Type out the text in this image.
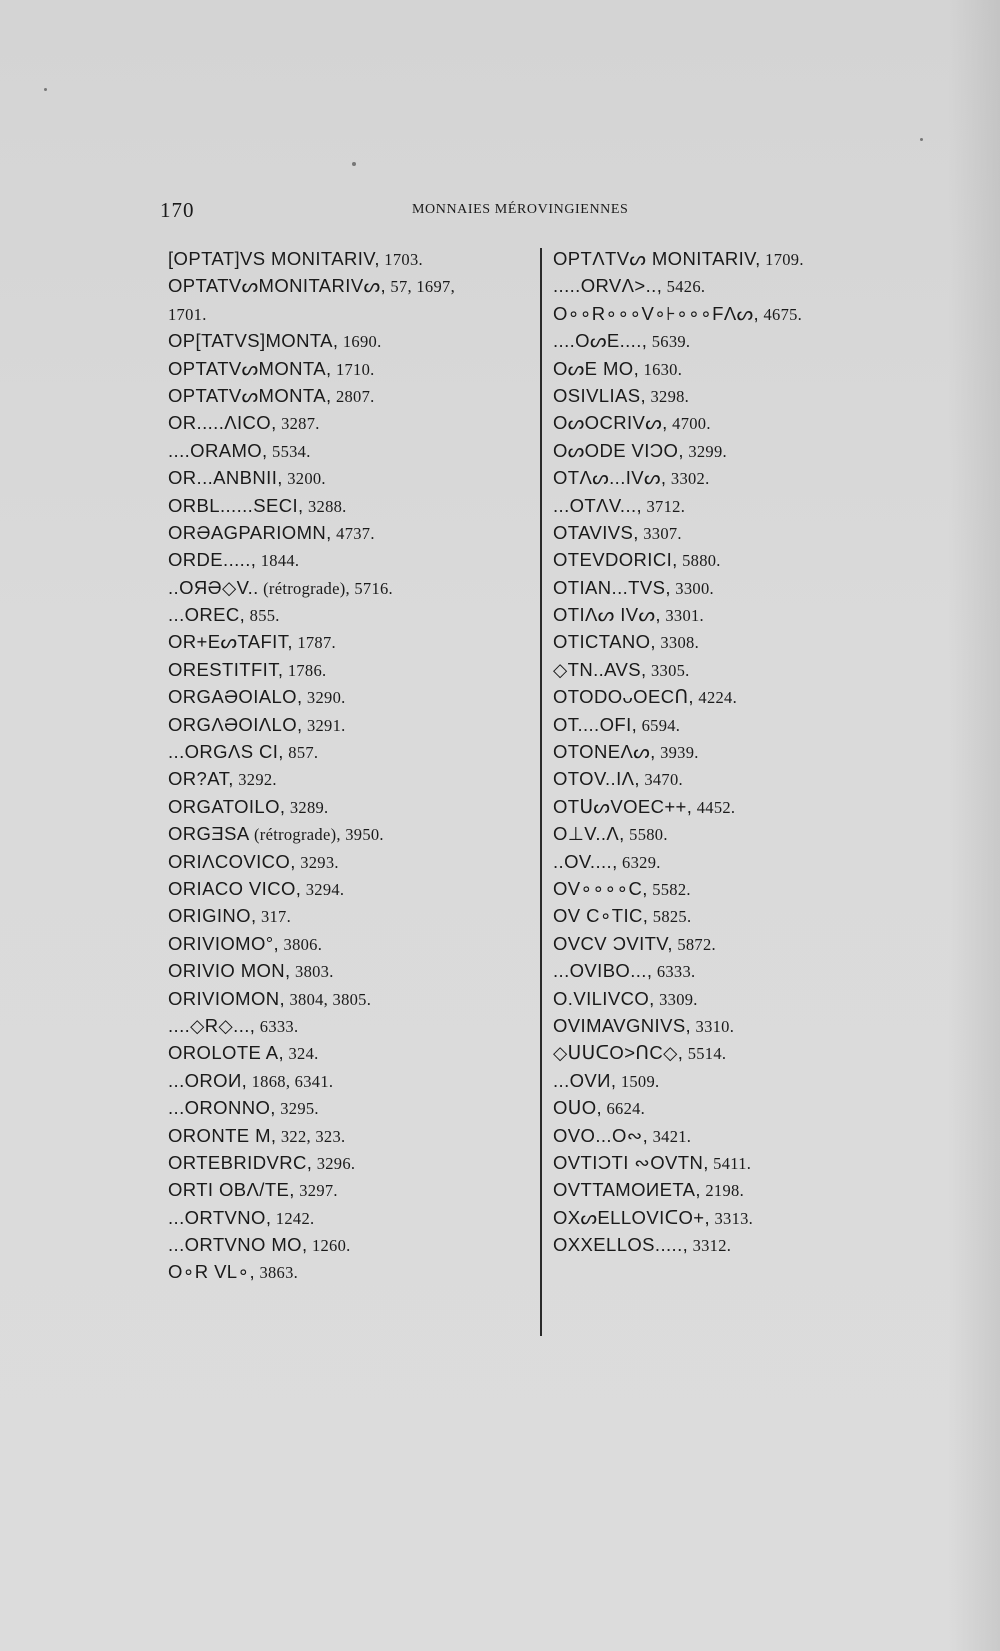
170	MONNAIES MÉROVINGIENNES
[OPTAT]VS MONITARIV, 1703.
OPTATVᔕMONITARIVᔕ, 57, 1697,
1701.
OP[TATVS]MONTA, 1690.
OPTATVᔕMONTA, 1710.
OPTATVᔕMONTA, 2807.
OR.....ΛICO, 3287.
....ORAMO, 5534.
OR...ANBNII, 3200.
ORBL......SECI, 3288.
ORƏAGPARIOMN, 4737.
ORDE....., 1844.
..OЯƏ◇V.. (rétrograde), 5716.
...OREC, 855.
OR+EᔕTAFIT, 1787.
ORESTITFIT, 1786.
ORGAƏOIALO, 3290.
ORGΛƏOIΛLO, 3291.
...ORGΛS CI, 857.
OR?AT, 3292.
ORGATOILO, 3289.
ORGƎSA (rétrograde), 3950.
ORIΛCOVICO, 3293.
ORIACO VICO, 3294.
ORIGINO, 317.
ORIVIOMO°, 3806.
ORIVIO MON, 3803.
ORIVIOMON, 3804, 3805.
....◇R◇..., 6333.
OROLOTE A, 324.
...OROИ, 1868, 6341.
...ORONNO, 3295.
ORONTE M, 322, 323.
ORTEBRIDVRC, 3296.
ORTI OBΛ/TE, 3297.
...ORTVNO, 1242.
...ORTVNO MO, 1260.
O∘R VL∘, 3863.
OPTΛTVᔕ MONITARIV, 1709.
.....ORVΛ>.., 5426.
O∘∘R∘∘∘V∘⊦∘∘∘FΛᔕ, 4675.
....OᔕE...., 5639.
OᔕE MO, 1630.
OSIVLIAS, 3298.
OᔕOCRIVᔕ, 4700.
OᔕODE VIƆO, 3299.
OTΛᔕ...IVᔕ, 3302.
...OTΛV..., 3712.
OTAVIVS, 3307.
OTEVDORICI, 5880.
OTIAN...TVS, 3300.
OTIΛᔕ IVᔕ, 3301.
OTICTANO, 3308.
◇TN..AVS, 3305.
OTODOᴗOECᑎ, 4224.
OT....OFI, 6594.
OTONEΛᔕ, 3939.
OTOV..IΛ, 3470.
OTᑌᔕVOEC++, 4452.
O⊥V..Λ, 5580.
..OV...., 6329.
OV∘∘∘∘C, 5582.
OV C∘TIC, 5825.
OVCV ƆVITV, 5872.
...OVIBO..., 6333.
O.VILIVCO, 3309.
OVIMAVGNIVS, 3310.
◇ᑌᑌᑕO>ᑎC◇, 5514.
...OVИ, 1509.
OᑌO, 6624.
OVO...O∾, 3421.
OVTIƆTI ∾OVTN, 5411.
OVTTAMOИETA, 2198.
OXᔕELLOVIᑕO+, 3313.
OXXELLOS....., 3312.
